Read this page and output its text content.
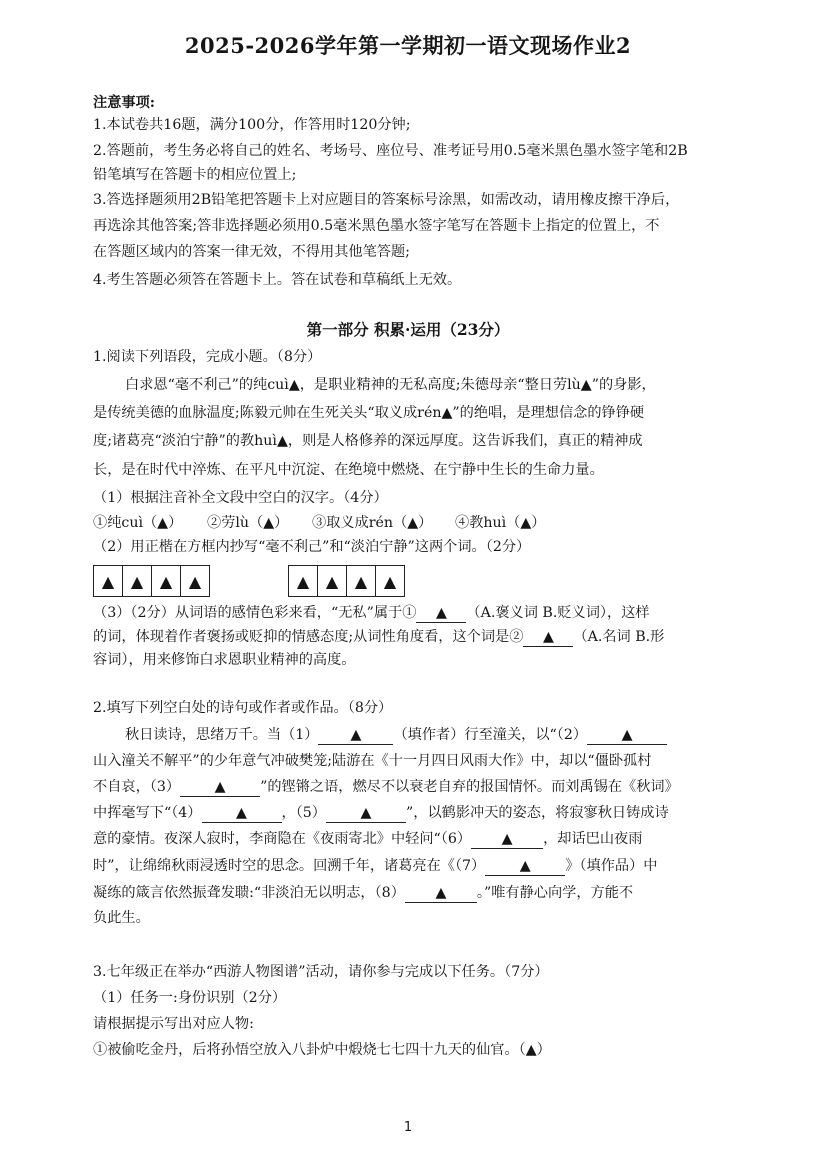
2025-2026学年第一学期初一语文现场作业2
注意事项:
1.本试卷共16题，满分100分，作答用时120分钟;
2.答题前，考生务必将自己的姓名、考场号、座位号、准考证号用0.5毫米黑色墨水签字笔和2B
铅笔填写在答题卡的相应位置上;
3.答选择题须用2B铅笔把答题卡上对应题目的答案标号涂黑，如需改动，请用橡皮擦干净后，
再选涂其他答案;答非选择题必须用0.5毫米黑色墨水签字笔写在答题卡上指定的位置上，不
在答题区域内的答案一律无效，不得用其他笔答题;
4.考生答题必须答在答题卡上。答在试卷和草稿纸上无效。
第一部分 积累·运用（23分）
1.阅读下列语段，完成小题。（8分）
白求恩“毫不利己”的纯cuì▲，是职业精神的无私高度;朱德母亲“整日劳lù▲”的身影，
是传统美德的血脉温度;陈毅元帅在生死关头“取义成rén▲”的绝唱，是理想信念的铮铮硬
度;诸葛亮“淡泊宁静”的教huì▲，则是人格修养的深远厚度。这告诉我们，真正的精神成
长，是在时代中淬炼、在平凡中沉淀、在绝境中燃烧、在宁静中生长的生命力量。
（1）根据注音补全文段中空白的汉字。（4分）
①纯cuì（▲） ②劳lù（▲） ③取义成rén（▲） ④教huì（▲）
（2）用正楷在方框内抄写“毫不利己”和“淡泊宁静”这两个词。（2分）
▲	▲	▲	▲	▲	▲	▲	▲
（3）（2分）从词语的感情色彩来看，“无私”属于① ▲ （A.褒义词 B.贬义词），这样
的词，体现着作者褒扬或贬抑的情感态度;从词性角度看，这个词是② ▲ （A.名词 B.形
容词），用来修饰白求恩职业精神的高度。
2.填写下列空白处的诗句或作者或作品。（8分）
秋日读诗，思绪万千。当（1） ▲ （填作者）行至潼关，以“（2） ▲
山入潼关不解平”的少年意气冲破樊笼;陆游在《十一月四日风雨大作》中，却以“僵卧孤村
不自哀，（3） ▲ ”的铿锵之语，燃尽不以衰老自弃的报国情怀。而刘禹锡在《秋词》
中挥毫写下“（4） ▲ ，（5） ▲ ”，以鹤影冲天的姿态，将寂寥秋日铸成诗
意的豪情。夜深人寂时，李商隐在《夜雨寄北》中轻问“（6） ▲ ，却话巴山夜雨
时”，让绵绵秋雨浸透时空的思念。回溯千年，诸葛亮在《（7） ▲ 》（填作品）中
凝练的箴言依然振聋发聩:“非淡泊无以明志，（8） ▲ 。”唯有静心向学，方能不
负此生。
3.七年级正在举办“西游人物图谱”活动，请你参与完成以下任务。（7分）
（1）任务一:身份识别（2分）
请根据提示写出对应人物:
①被偷吃金丹，后将孙悟空放入八卦炉中煅烧七七四十九天的仙官。（▲）
1
